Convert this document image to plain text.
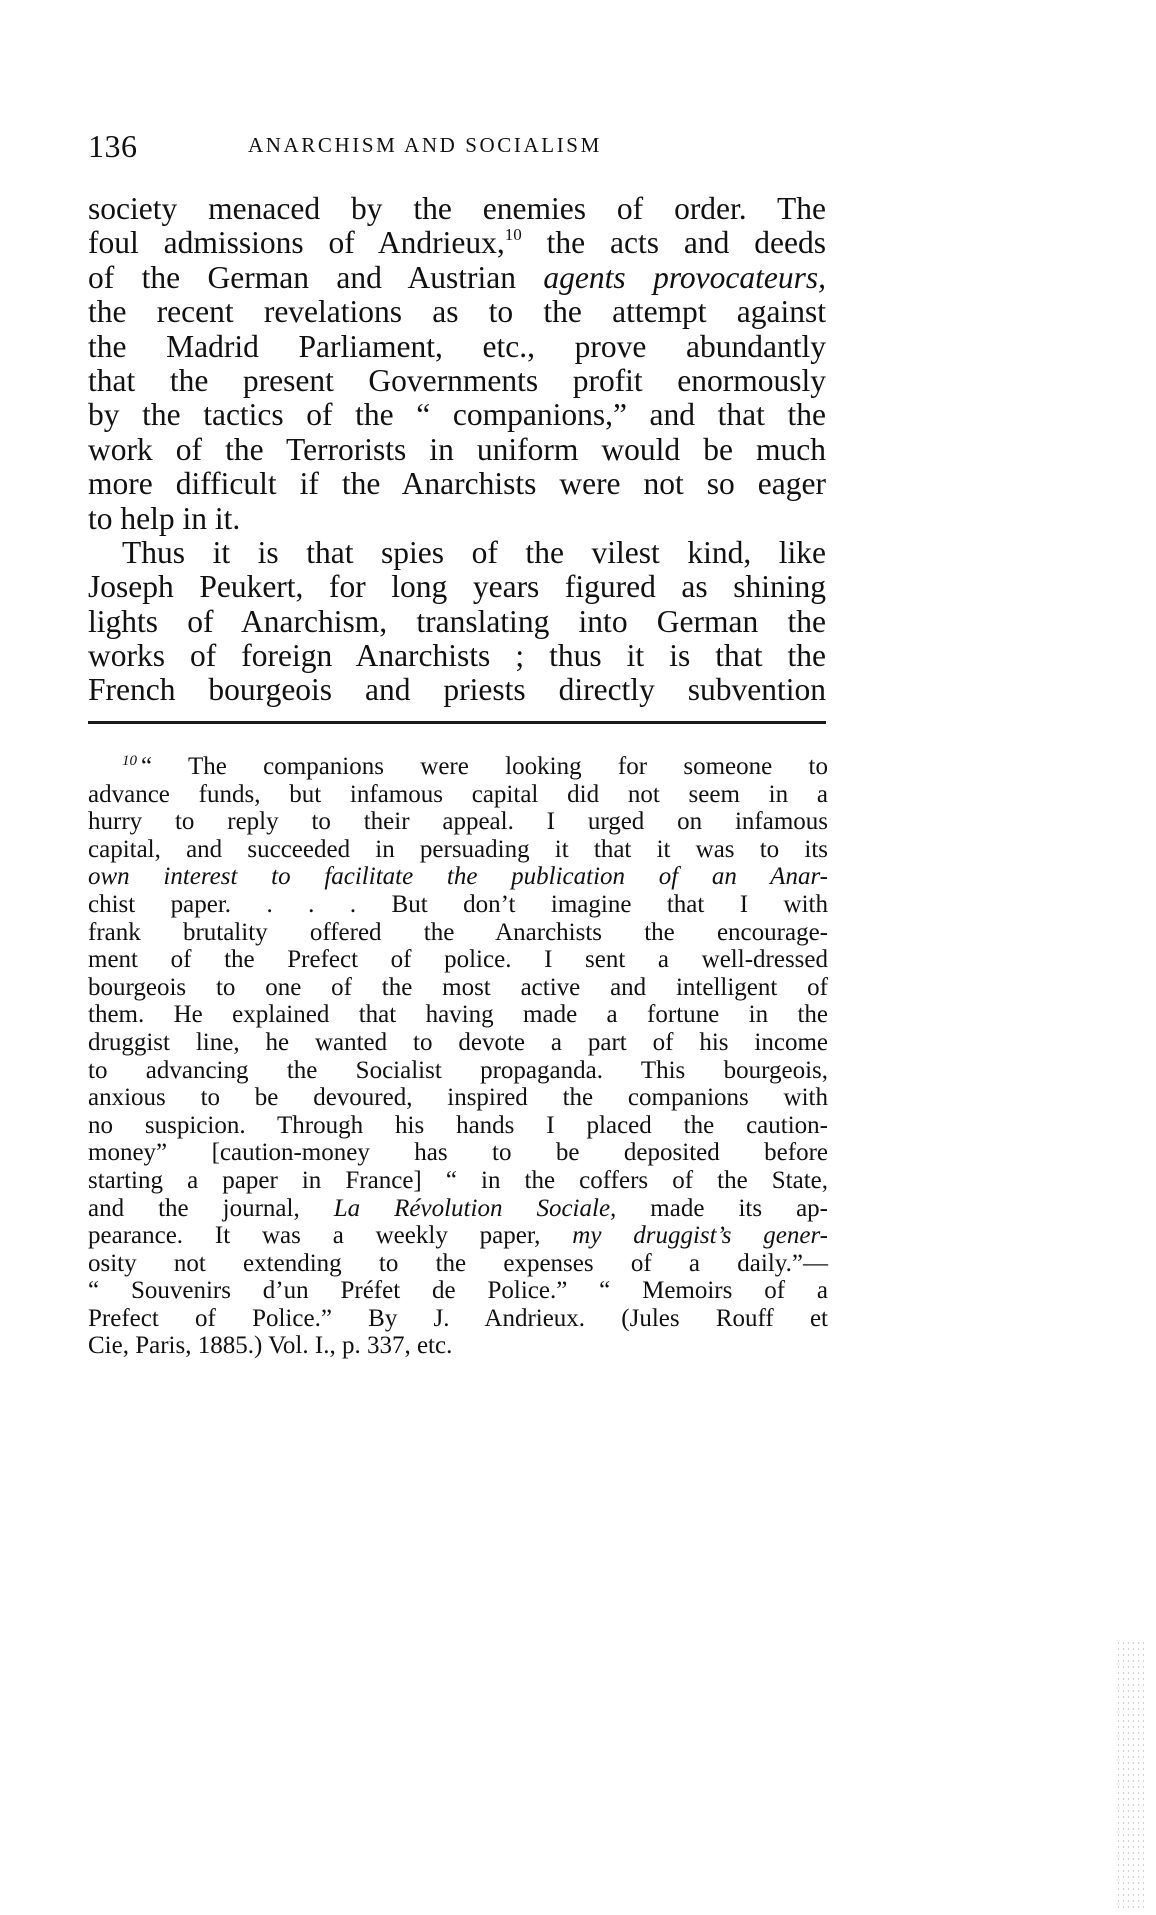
136	ANARCHISM AND SOCIALISM
society menaced by the enemies of order. The
foul admissions of Andrieux,$^{10}$ the acts and deeds
of the German and Austrian agents provocateurs,
the recent revelations as to the attempt against
the Madrid Parliament, etc., prove abundantly
that the present Governments profit enormously
by the tactics of the “ companions,” and that the
work of the Terrorists in uniform would be much
more difficult if the Anarchists were not so eager
to help in it.
Thus it is that spies of the vilest kind, like
Joseph Peukert, for long years figured as shining
lights of Anarchism, translating into German the
works of foreign Anarchists ; thus it is that the
French bourgeois and priests directly subvention
$^{10}$ “ The companions were looking for someone to
advance funds, but infamous capital did not seem in a
hurry to reply to their appeal. I urged on infamous
capital, and succeeded in persuading it that it was to its
own interest to facilitate the publication of an Anar-
chist paper. . . . But don’t imagine that I with
frank brutality offered the Anarchists the encourage-
ment of the Prefect of police. I sent a well-dressed
bourgeois to one of the most active and intelligent of
them. He explained that having made a fortune in the
druggist line, he wanted to devote a part of his income
to advancing the Socialist propaganda. This bourgeois,
anxious to be devoured, inspired the companions with
no suspicion. Through his hands I placed the caution-
money” [caution-money has to be deposited before
starting a paper in France] “ in the coffers of the State,
and the journal, La Révolution Sociale, made its ap-
pearance. It was a weekly paper, my druggist’s gener-
osity not extending to the expenses of a daily.”—
“ Souvenirs d’un Préfet de Police.” “ Memoirs of a
Prefect of Police.” By J. Andrieux. (Jules Rouff et
Cie, Paris, 1885.) Vol. I., p. 337, etc.
